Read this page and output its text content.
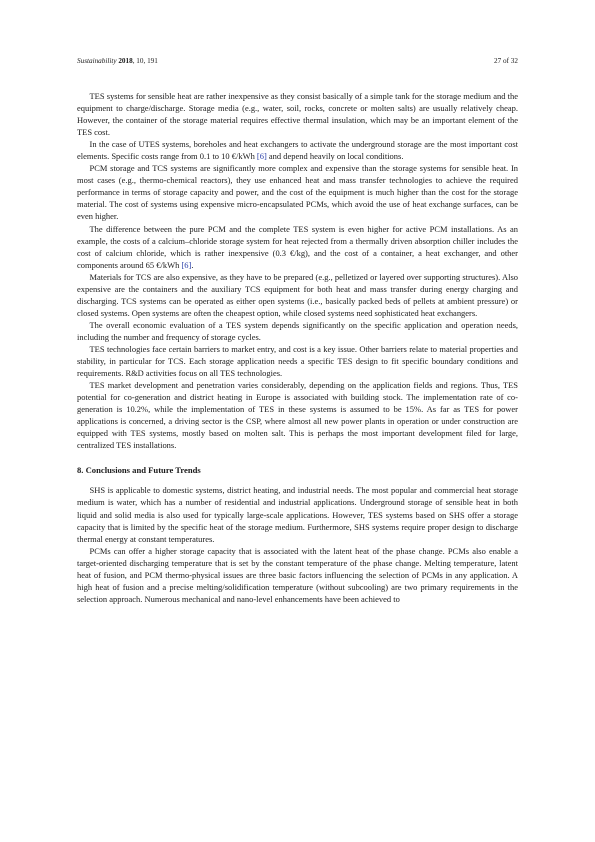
Sustainability 2018, 10, 191	27 of 32

TES systems for sensible heat are rather inexpensive as they consist basically of a simple tank for the storage medium and the equipment to charge/discharge. Storage media (e.g., water, soil, rocks, concrete or molten salts) are usually relatively cheap. However, the container of the storage material requires effective thermal insulation, which may be an important element of the TES cost.

In the case of UTES systems, boreholes and heat exchangers to activate the underground storage are the most important cost elements. Specific costs range from 0.1 to 10 €/kWh [6] and depend heavily on local conditions.

PCM storage and TCS systems are significantly more complex and expensive than the storage systems for sensible heat. In most cases (e.g., thermo-chemical reactors), they use enhanced heat and mass transfer technologies to achieve the required performance in terms of storage capacity and power, and the cost of the equipment is much higher than the cost for the storage material. The cost of systems using expensive micro-encapsulated PCMs, which avoid the use of heat exchange surfaces, can be even higher.

The difference between the pure PCM and the complete TES system is even higher for active PCM installations. As an example, the costs of a calcium–chloride storage system for heat rejected from a thermally driven absorption chiller includes the cost of calcium chloride, which is rather inexpensive (0.3 €/kg), and the cost of a container, a heat exchanger, and other components around 65 €/kWh [6].

Materials for TCS are also expensive, as they have to be prepared (e.g., pelletized or layered over supporting structures). Also expensive are the containers and the auxiliary TCS equipment for both heat and mass transfer during energy charging and discharging. TCS systems can be operated as either open systems (i.e., basically packed beds of pellets at ambient pressure) or closed systems. Open systems are often the cheapest option, while closed systems need sophisticated heat exchangers.

The overall economic evaluation of a TES system depends significantly on the specific application and operation needs, including the number and frequency of storage cycles.

TES technologies face certain barriers to market entry, and cost is a key issue. Other barriers relate to material properties and stability, in particular for TCS. Each storage application needs a specific TES design to fit specific boundary conditions and requirements. R&D activities focus on all TES technologies.

TES market development and penetration varies considerably, depending on the application fields and regions. Thus, TES potential for co-generation and district heating in Europe is associated with building stock. The implementation rate of co-generation is 10.2%, while the implementation of TES in these systems is assumed to be 15%. As far as TES for power applications is concerned, a driving sector is the CSP, where almost all new power plants in operation or under construction are equipped with TES systems, mostly based on molten salt. This is perhaps the most important development filed for large, centralized TES installations.

8. Conclusions and Future Trends

SHS is applicable to domestic systems, district heating, and industrial needs. The most popular and commercial heat storage medium is water, which has a number of residential and industrial applications. Underground storage of sensible heat in both liquid and solid media is also used for typically large-scale applications. However, TES systems based on SHS offer a storage capacity that is limited by the specific heat of the storage medium. Furthermore, SHS systems require proper design to discharge thermal energy at constant temperatures.

PCMs can offer a higher storage capacity that is associated with the latent heat of the phase change. PCMs also enable a target-oriented discharging temperature that is set by the constant temperature of the phase change. Melting temperature, latent heat of fusion, and PCM thermo-physical issues are three basic factors influencing the selection of PCMs in any application. A high heat of fusion and a precise melting/solidification temperature (without subcooling) are two primary requirements in the selection approach. Numerous mechanical and nano-level enhancements have been achieved to
